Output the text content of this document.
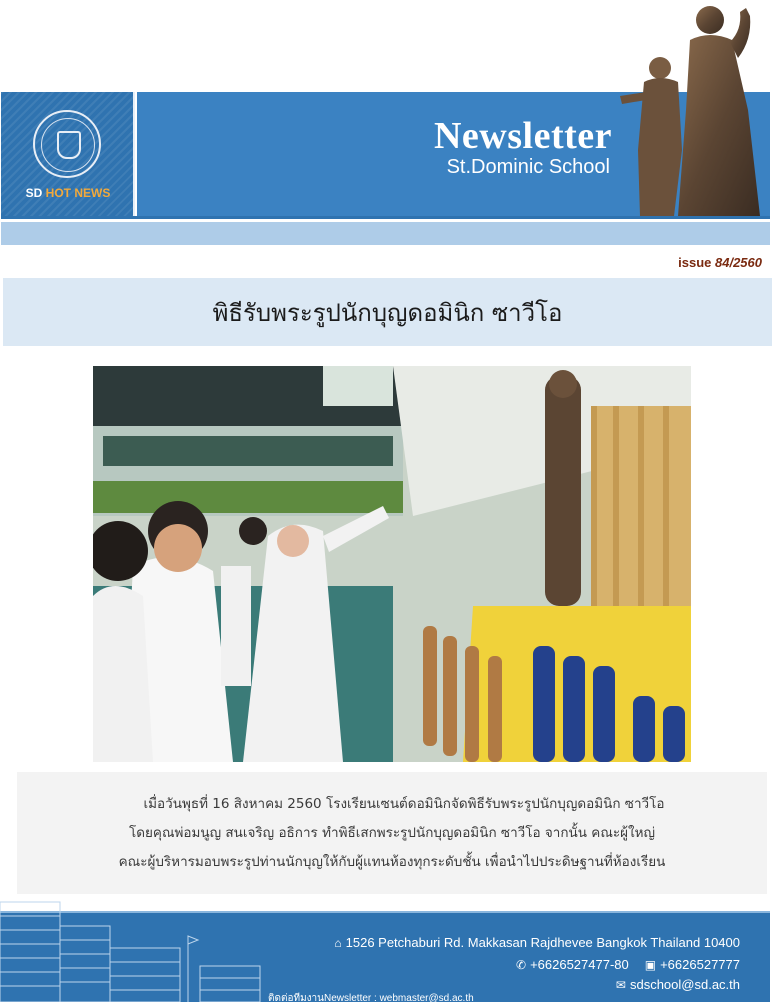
SD HOT NEWS
Newsletter
St.Dominic School
issue 84/2560
พิธีรับพระรูปนักบุญดอมินิก ซาวีโอ

เมื่อวันพุธที่ 16 สิงหาคม 2560 โรงเรียนเซนต์ดอมินิกจัดพิธีรับพระรูปนักบุญดอมินิก ซาวีโอ

โดยคุณพ่อมนูญ สนเจริญ อธิการ ทำพิธีเสกพระรูปนักบุญดอมินิก ซาวีโอ จากนั้น คณะผู้ใหญ่

คณะผู้บริหารมอบพระรูปท่านนักบุญให้กับผู้แทนห้องทุกระดับชั้น เพื่อนำไปประดิษฐานที่ห้องเรียน

⌂ 1526 Petchaburi Rd. Makkasan Rajdhevee Bangkok Thailand 10400
✆ +6626527477-80 ▣ +6626527777
✉ sdschool@sd.ac.th
ติดต่อทีมงานNewsletter : webmaster@sd.ac.th
